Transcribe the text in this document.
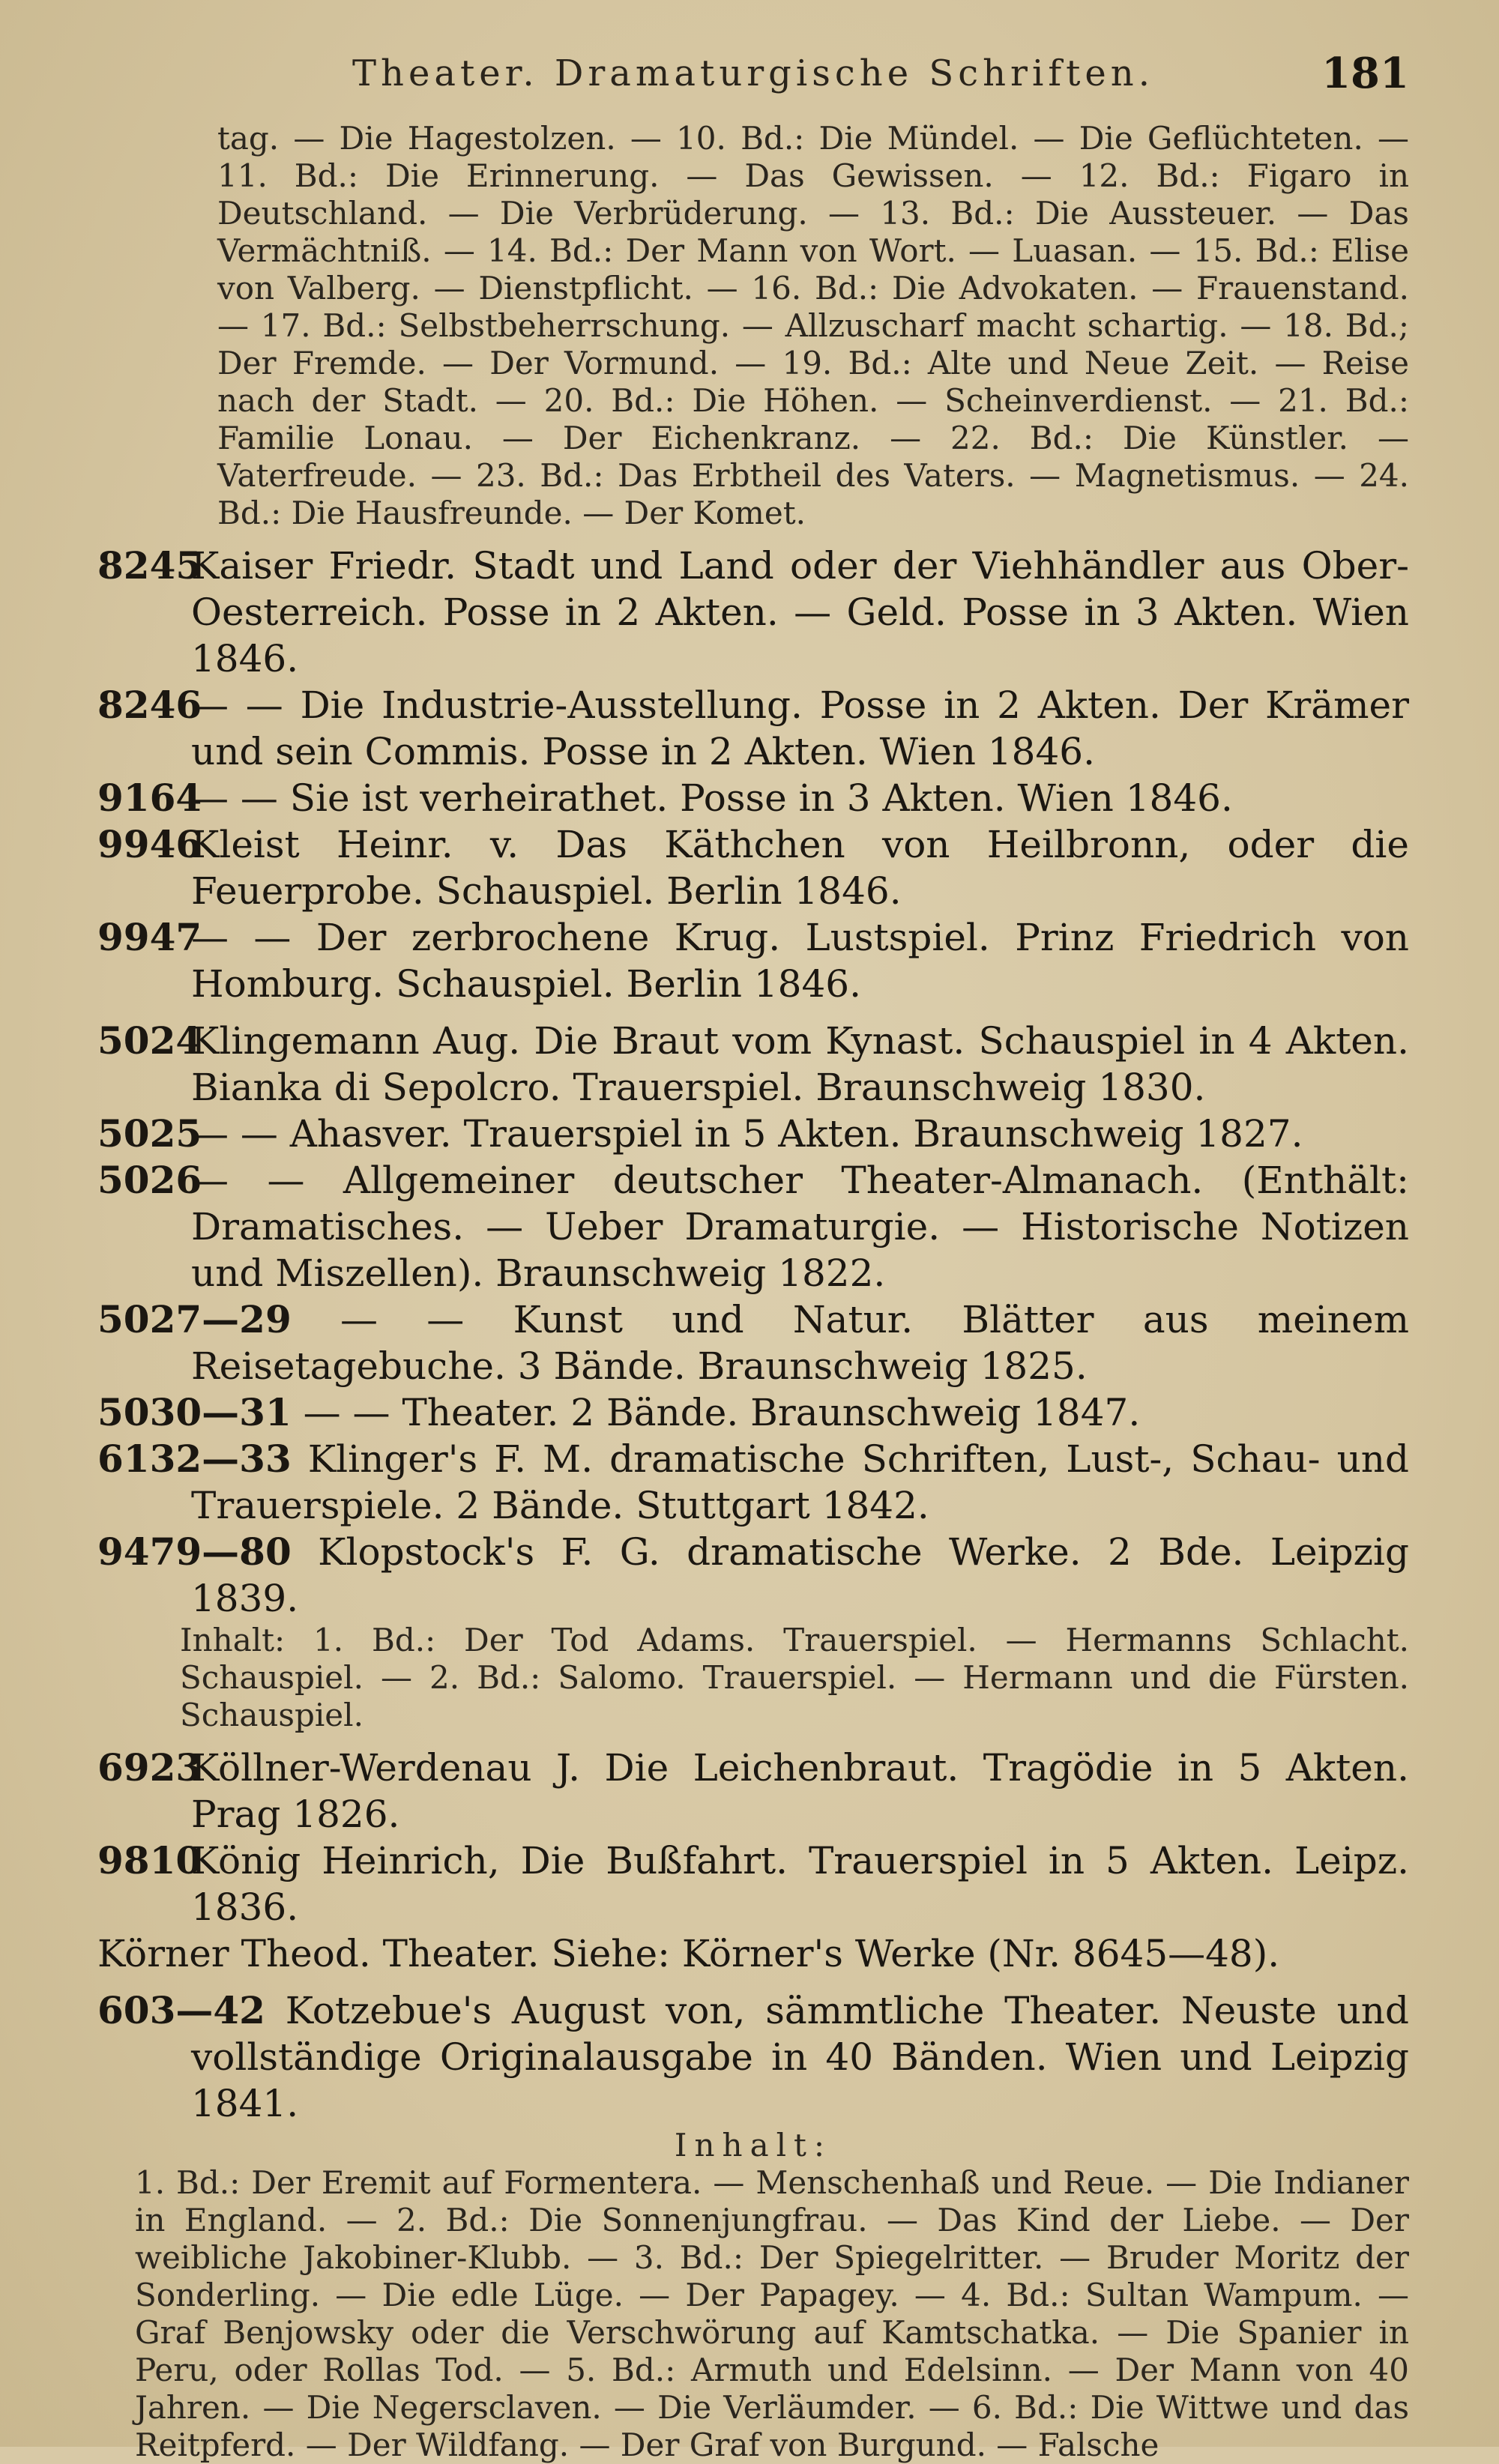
Theater. Dramaturgische Schriften.	181

tag. — Die Hagestolzen. — 10. Bd.: Die Mündel. — Die Geflüchteten. — 11. Bd.: Die Erinnerung. — Das Gewissen. — 12. Bd.: Figaro in Deutschland. — Die Verbrüderung. — 13. Bd.: Die Aussteuer. — Das Vermächtniß. — 14. Bd.: Der Mann von Wort. — Luasan. — 15. Bd.: Elise von Valberg. — Dienstpflicht. — 16. Bd.: Die Advokaten. — Frauenstand. — 17. Bd.: Selbstbeherrschung. — Allzuscharf macht schartig. — 18. Bd.; Der Fremde. — Der Vormund. — 19. Bd.: Alte und Neue Zeit. — Reise nach der Stadt. — 20. Bd.: Die Höhen. — Scheinverdienst. — 21. Bd.: Familie Lonau. — Der Eichenkranz. — 22. Bd.: Die Künstler. — Vaterfreude. — 23. Bd.: Das Erbtheil des Vaters. — Magnetismus. — 24. Bd.: Die Hausfreunde. — Der Komet.

8245
Kaiser Friedr. Stadt und Land oder der Viehhändler aus Ober-Oesterreich. Posse in 2 Akten. — Geld. Posse in 3 Akten. Wien 1846.

8246
— — Die Industrie-Ausstellung. Posse in 2 Akten. Der Krämer und sein Commis. Posse in 2 Akten. Wien 1846.

9164
— — Sie ist verheirathet. Posse in 3 Akten. Wien 1846.

9946
Kleist Heinr. v. Das Käthchen von Heilbronn, oder die Feuerprobe. Schauspiel. Berlin 1846.

9947
— — Der zerbrochene Krug. Lustspiel. Prinz Friedrich von Homburg. Schauspiel. Berlin 1846.

5024
Klingemann Aug. Die Braut vom Kynast. Schauspiel in 4 Akten. Bianka di Sepolcro. Trauerspiel. Braunschweig 1830.

5025
— — Ahasver. Trauerspiel in 5 Akten. Braunschweig 1827.

5026
— — Allgemeiner deutscher Theater-Almanach. (Enthält: Dramatisches. — Ueber Dramaturgie. — Historische Notizen und Miszellen). Braunschweig 1822.

5027—29 — — Kunst und Natur. Blätter aus meinem Reisetagebuche. 3 Bände. Braunschweig 1825.

5030—31 — — Theater. 2 Bände. Braunschweig 1847.

6132—33 Klinger's F. M. dramatische Schriften, Lust-, Schau- und Trauerspiele. 2 Bände. Stuttgart 1842.

9479—80 Klopstock's F. G. dramatische Werke. 2 Bde. Leipzig 1839.

Inhalt: 1. Bd.: Der Tod Adams. Trauerspiel. — Hermanns Schlacht. Schauspiel. — 2. Bd.: Salomo. Trauerspiel. — Hermann und die Fürsten. Schauspiel.

6923
Köllner-Werdenau J. Die Leichenbraut. Tragödie in 5 Akten. Prag 1826.

9810
König Heinrich, Die Bußfahrt. Trauerspiel in 5 Akten. Leipz. 1836.

Körner Theod. Theater. Siehe: Körner's Werke (Nr. 8645—48).

603—42 Kotzebue's August von, sämmtliche Theater. Neuste und vollständige Originalausgabe in 40 Bänden. Wien und Leipzig 1841.

Inhalt:

1. Bd.: Der Eremit auf Formentera. — Menschenhaß und Reue. — Die Indianer in England. — 2. Bd.: Die Sonnenjungfrau. — Das Kind der Liebe. — Der weibliche Jakobiner-Klubb. — 3. Bd.: Der Spiegelritter. — Bruder Moritz der Sonderling. — Die edle Lüge. — Der Papagey. — 4. Bd.: Sultan Wampum. — Graf Benjowsky oder die Verschwörung auf Kamtschatka. — Die Spanier in Peru, oder Rollas Tod. — 5. Bd.: Armuth und Edelsinn. — Der Mann von 40 Jahren. — Die Negersclaven. — Die Verläumder. — 6. Bd.: Die Wittwe und das Reitpferd. — Der Wildfang. — Der Graf von Burgund. — Falsche
